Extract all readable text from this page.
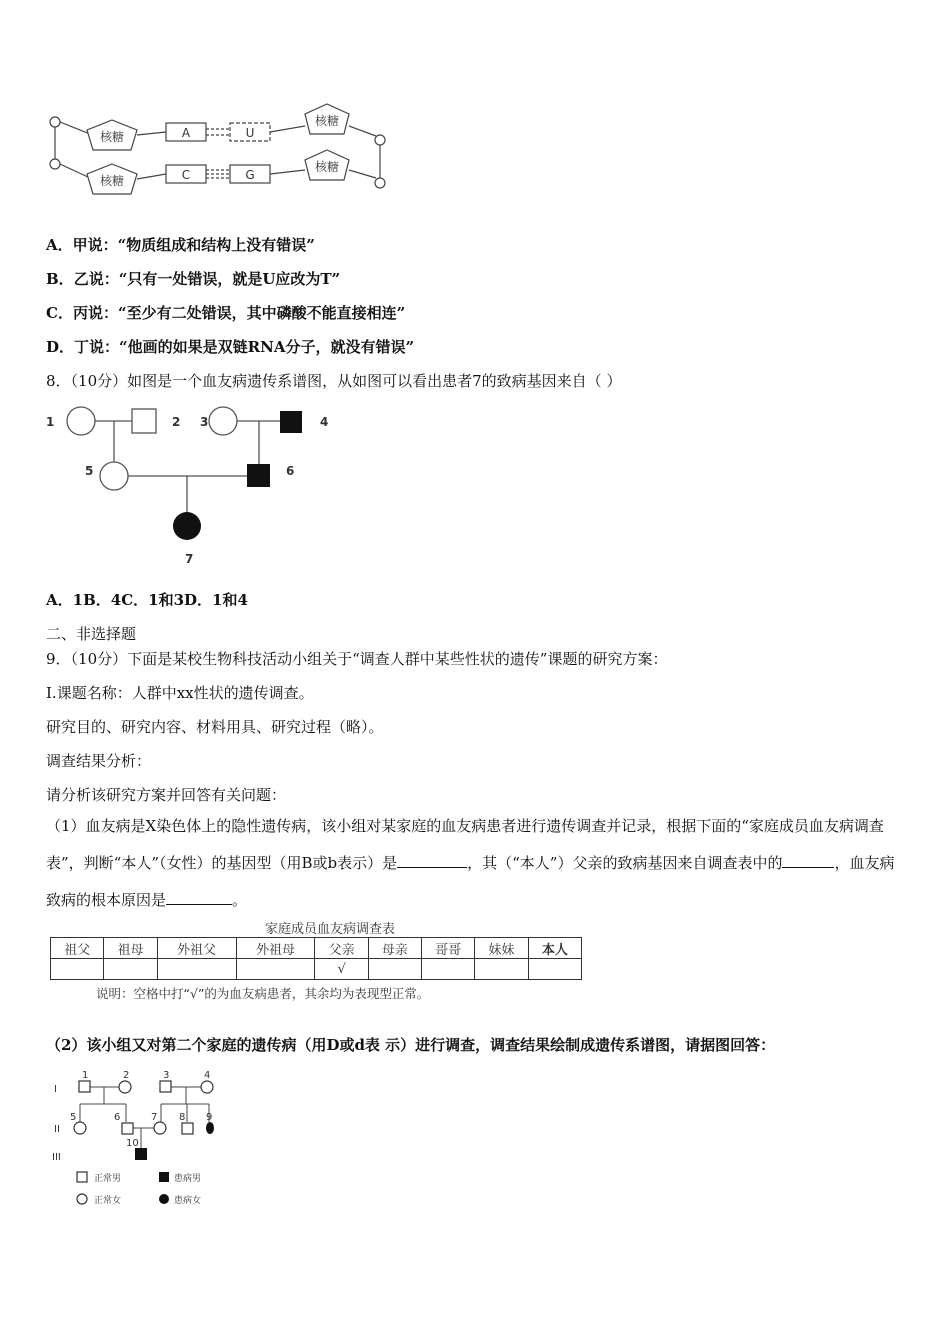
核糖
核糖
核糖
核糖
A	U
C	G
A．甲说：“物质组成和结构上没有错误”
B．乙说：“只有一处错误，就是U应改为T”
C．丙说：“至少有二处错误，其中磷酸不能直接相连”
D．丁说：“他画的如果是双链RNA分子，就没有错误”
8．（10分）如图是一个血友病遗传系谱图，从如图可以看出患者7的致病基因来自（ ）
1	2 3	4
5	6
7
A．1B．4C．1和3D．1和4
二、非选择题
9．（10分）下面是某校生物科技活动小组关于“调查人群中某些性状的遗传”课题的研究方案：
I.课题名称：人群中xx性状的遗传调查。
研究目的、研究内容、材料用具、研究过程（略）。
调查结果分析：
请分析该研究方案并回答有关问题：
（1）血友病是X染色体上的隐性遗传病，该小组对某家庭的血友病患者进行遗传调查并记录，根据下面的“家庭成员血友病调查表”，判断“本人”（女性）的基因型（用B或b表示）是	，其（“本人”）父亲的致病基因来自调查表中的	，血友病致病的根本原因是	。
家庭成员血友病调查表
祖父	祖母	外祖父	外祖母	父亲	母亲	哥哥	妹妹	本人
				√				
说明：空格中打“√”的为血友病患者，其余均为表现型正常。
（2）该小组又对第二个家庭的遗传病（用D或d表 示）进行调查，调查结果绘制成遗传系谱图，请据图回答：
I
II
III
1	2	3	4
5	6	7 8 9
10
正常男	患病男
正常女	患病女
